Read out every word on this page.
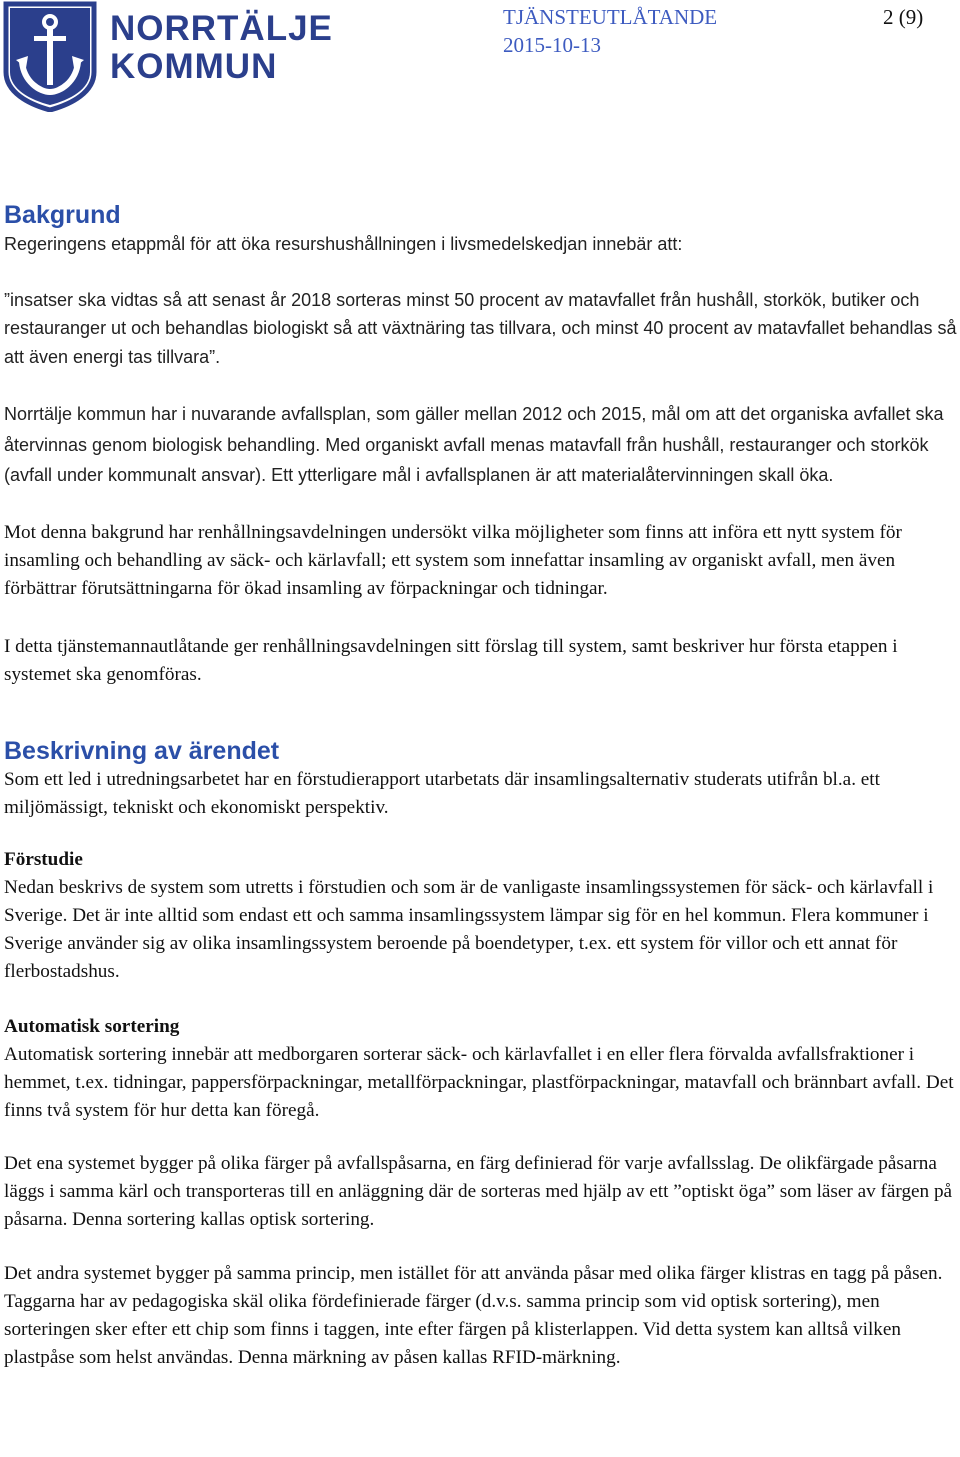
NORRTÄLJE
KOMMUN
TJÄNSTEUTLÅTANDE
2015-10-13
2 (9)
Bakgrund

Regeringens etappmål för att öka resurshushållningen i livsmedelskedjan innebär att:

”insatser ska vidtas så att senast år 2018 sorteras minst 50 procent av matavfallet från hushåll, storkök, butiker och restauranger ut och behandlas biologiskt så att växtnäring tas tillvara, och minst 40 procent av matavfallet behandlas så att även energi tas tillvara”.

Norrtälje kommun har i nuvarande avfallsplan, som gäller mellan 2012 och 2015, mål om att det organiska avfallet ska återvinnas genom biologisk behandling. Med organiskt avfall menas matavfall från hushåll, restauranger och storkök (avfall under kommunalt ansvar). Ett ytterligare mål i avfallsplanen är att materialåtervinningen skall öka.

Mot denna bakgrund har renhållningsavdelningen undersökt vilka möjligheter som finns att införa ett nytt system för insamling och behandling av säck- och kärlavfall; ett system som innefattar insamling av organiskt avfall, men även förbättrar förutsättningarna för ökad insamling av förpackningar och tidningar.

I detta tjänstemannautlåtande ger renhållningsavdelningen sitt förslag till system, samt beskriver hur första etappen i systemet ska genomföras.

Beskrivning av ärendet

Som ett led i utredningsarbetet har en förstudierapport utarbetats där insamlingsalternativ studerats utifrån bl.a. ett miljömässigt, tekniskt och ekonomiskt perspektiv.

Förstudie

Nedan beskrivs de system som utretts i förstudien och som är de vanligaste insamlingssystemen för säck- och kärlavfall i Sverige. Det är inte alltid som endast ett och samma insamlingssystem lämpar sig för en hel kommun. Flera kommuner i Sverige använder sig av olika insamlingssystem beroende på boendetyper, t.ex. ett system för villor och ett annat för flerbostadshus.

Automatisk sortering

Automatisk sortering innebär att medborgaren sorterar säck- och kärlavfallet i en eller flera förvalda avfallsfraktioner i hemmet, t.ex. tidningar, pappersförpackningar, metallförpackningar, plastförpackningar, matavfall och brännbart avfall. Det finns två system för hur detta kan föregå.

Det ena systemet bygger på olika färger på avfallspåsarna, en färg definierad för varje avfallsslag. De olikfärgade påsarna läggs i samma kärl och transporteras till en anläggning där de sorteras med hjälp av ett ”optiskt öga” som läser av färgen på påsarna. Denna sortering kallas optisk sortering.

Det andra systemet bygger på samma princip, men istället för att använda påsar med olika färger klistras en tagg på påsen. Taggarna har av pedagogiska skäl olika fördefinierade färger (d.v.s. samma princip som vid optisk sortering), men sorteringen sker efter ett chip som finns i taggen, inte efter färgen på klisterlappen. Vid detta system kan alltså vilken plastpåse som helst användas. Denna märkning av påsen kallas RFID-märkning.
